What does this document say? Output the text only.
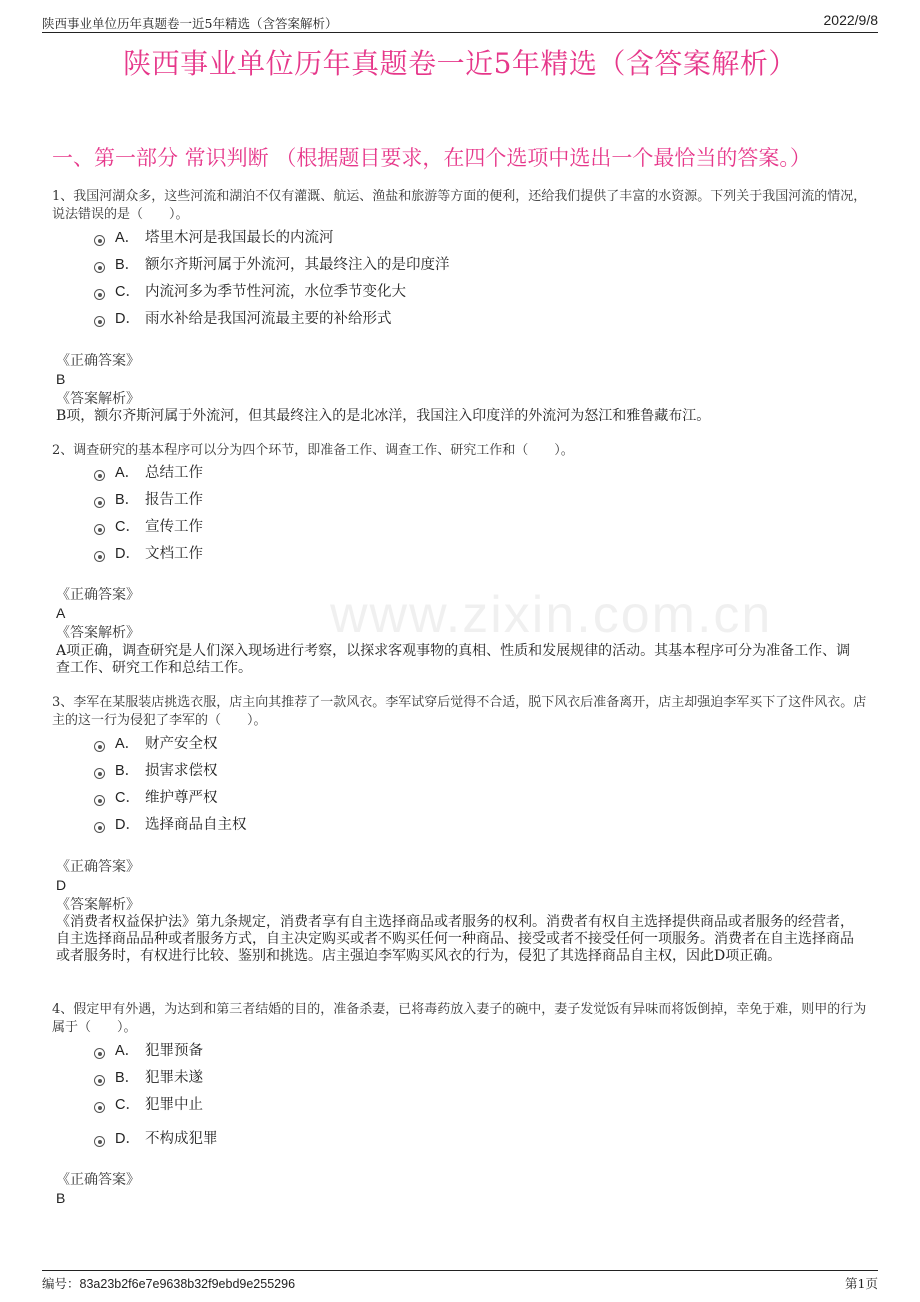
陕西事业单位历年真题卷一近5年精选（含答案解析）	2022/9/8
陕西事业单位历年真题卷一近5年精选（含答案解析）
www.zixin.com.cn
一、第一部分 常识判断 （根据题目要求，在四个选项中选出一个最恰当的答案。）
1、我国河湖众多，这些河流和湖泊不仅有灌溉、航运、渔盐和旅游等方面的便利，还给我们提供了丰富的水资源。下列关于我国河流的情况，说法错误的是（　　）。
A． 塔里木河是我国最长的内流河
B． 额尔齐斯河属于外流河，其最终注入的是印度洋
C． 内流河多为季节性河流，水位季节变化大
D． 雨水补给是我国河流最主要的补给形式
《正确答案》
B
《答案解析》
B项，额尔齐斯河属于外流河，但其最终注入的是北冰洋，我国注入印度洋的外流河为怒江和雅鲁藏布江。
2、调查研究的基本程序可以分为四个环节，即准备工作、调查工作、研究工作和（　　）。
A． 总结工作
B． 报告工作
C． 宣传工作
D． 文档工作
《正确答案》
A
《答案解析》
A项正确，调查研究是人们深入现场进行考察，以探求客观事物的真相、性质和发展规律的活动。其基本程序可分为准备工作、调查工作、研究工作和总结工作。
3、李军在某服装店挑选衣服，店主向其推荐了一款风衣。李军试穿后觉得不合适，脱下风衣后准备离开，店主却强迫李军买下了这件风衣。店主的这一行为侵犯了李军的（　　）。
A． 财产安全权
B． 损害求偿权
C． 维护尊严权
D． 选择商品自主权
《正确答案》
D
《答案解析》
《消费者权益保护法》第九条规定，消费者享有自主选择商品或者服务的权利。消费者有权自主选择提供商品或者服务的经营者，自主选择商品品种或者服务方式，自主决定购买或者不购买任何一种商品、接受或者不接受任何一项服务。消费者在自主选择商品或者服务时，有权进行比较、鉴别和挑选。店主强迫李军购买风衣的行为，侵犯了其选择商品自主权，因此D项正确。
4、假定甲有外遇，为达到和第三者结婚的目的，准备杀妻，已将毒药放入妻子的碗中，妻子发觉饭有异味而将饭倒掉，幸免于难，则甲的行为属于（　　）。
A． 犯罪预备
B． 犯罪未遂
C． 犯罪中止
D． 不构成犯罪
《正确答案》
B
编号：83a23b2f6e7e9638b32f9ebd9e255296	第1页
